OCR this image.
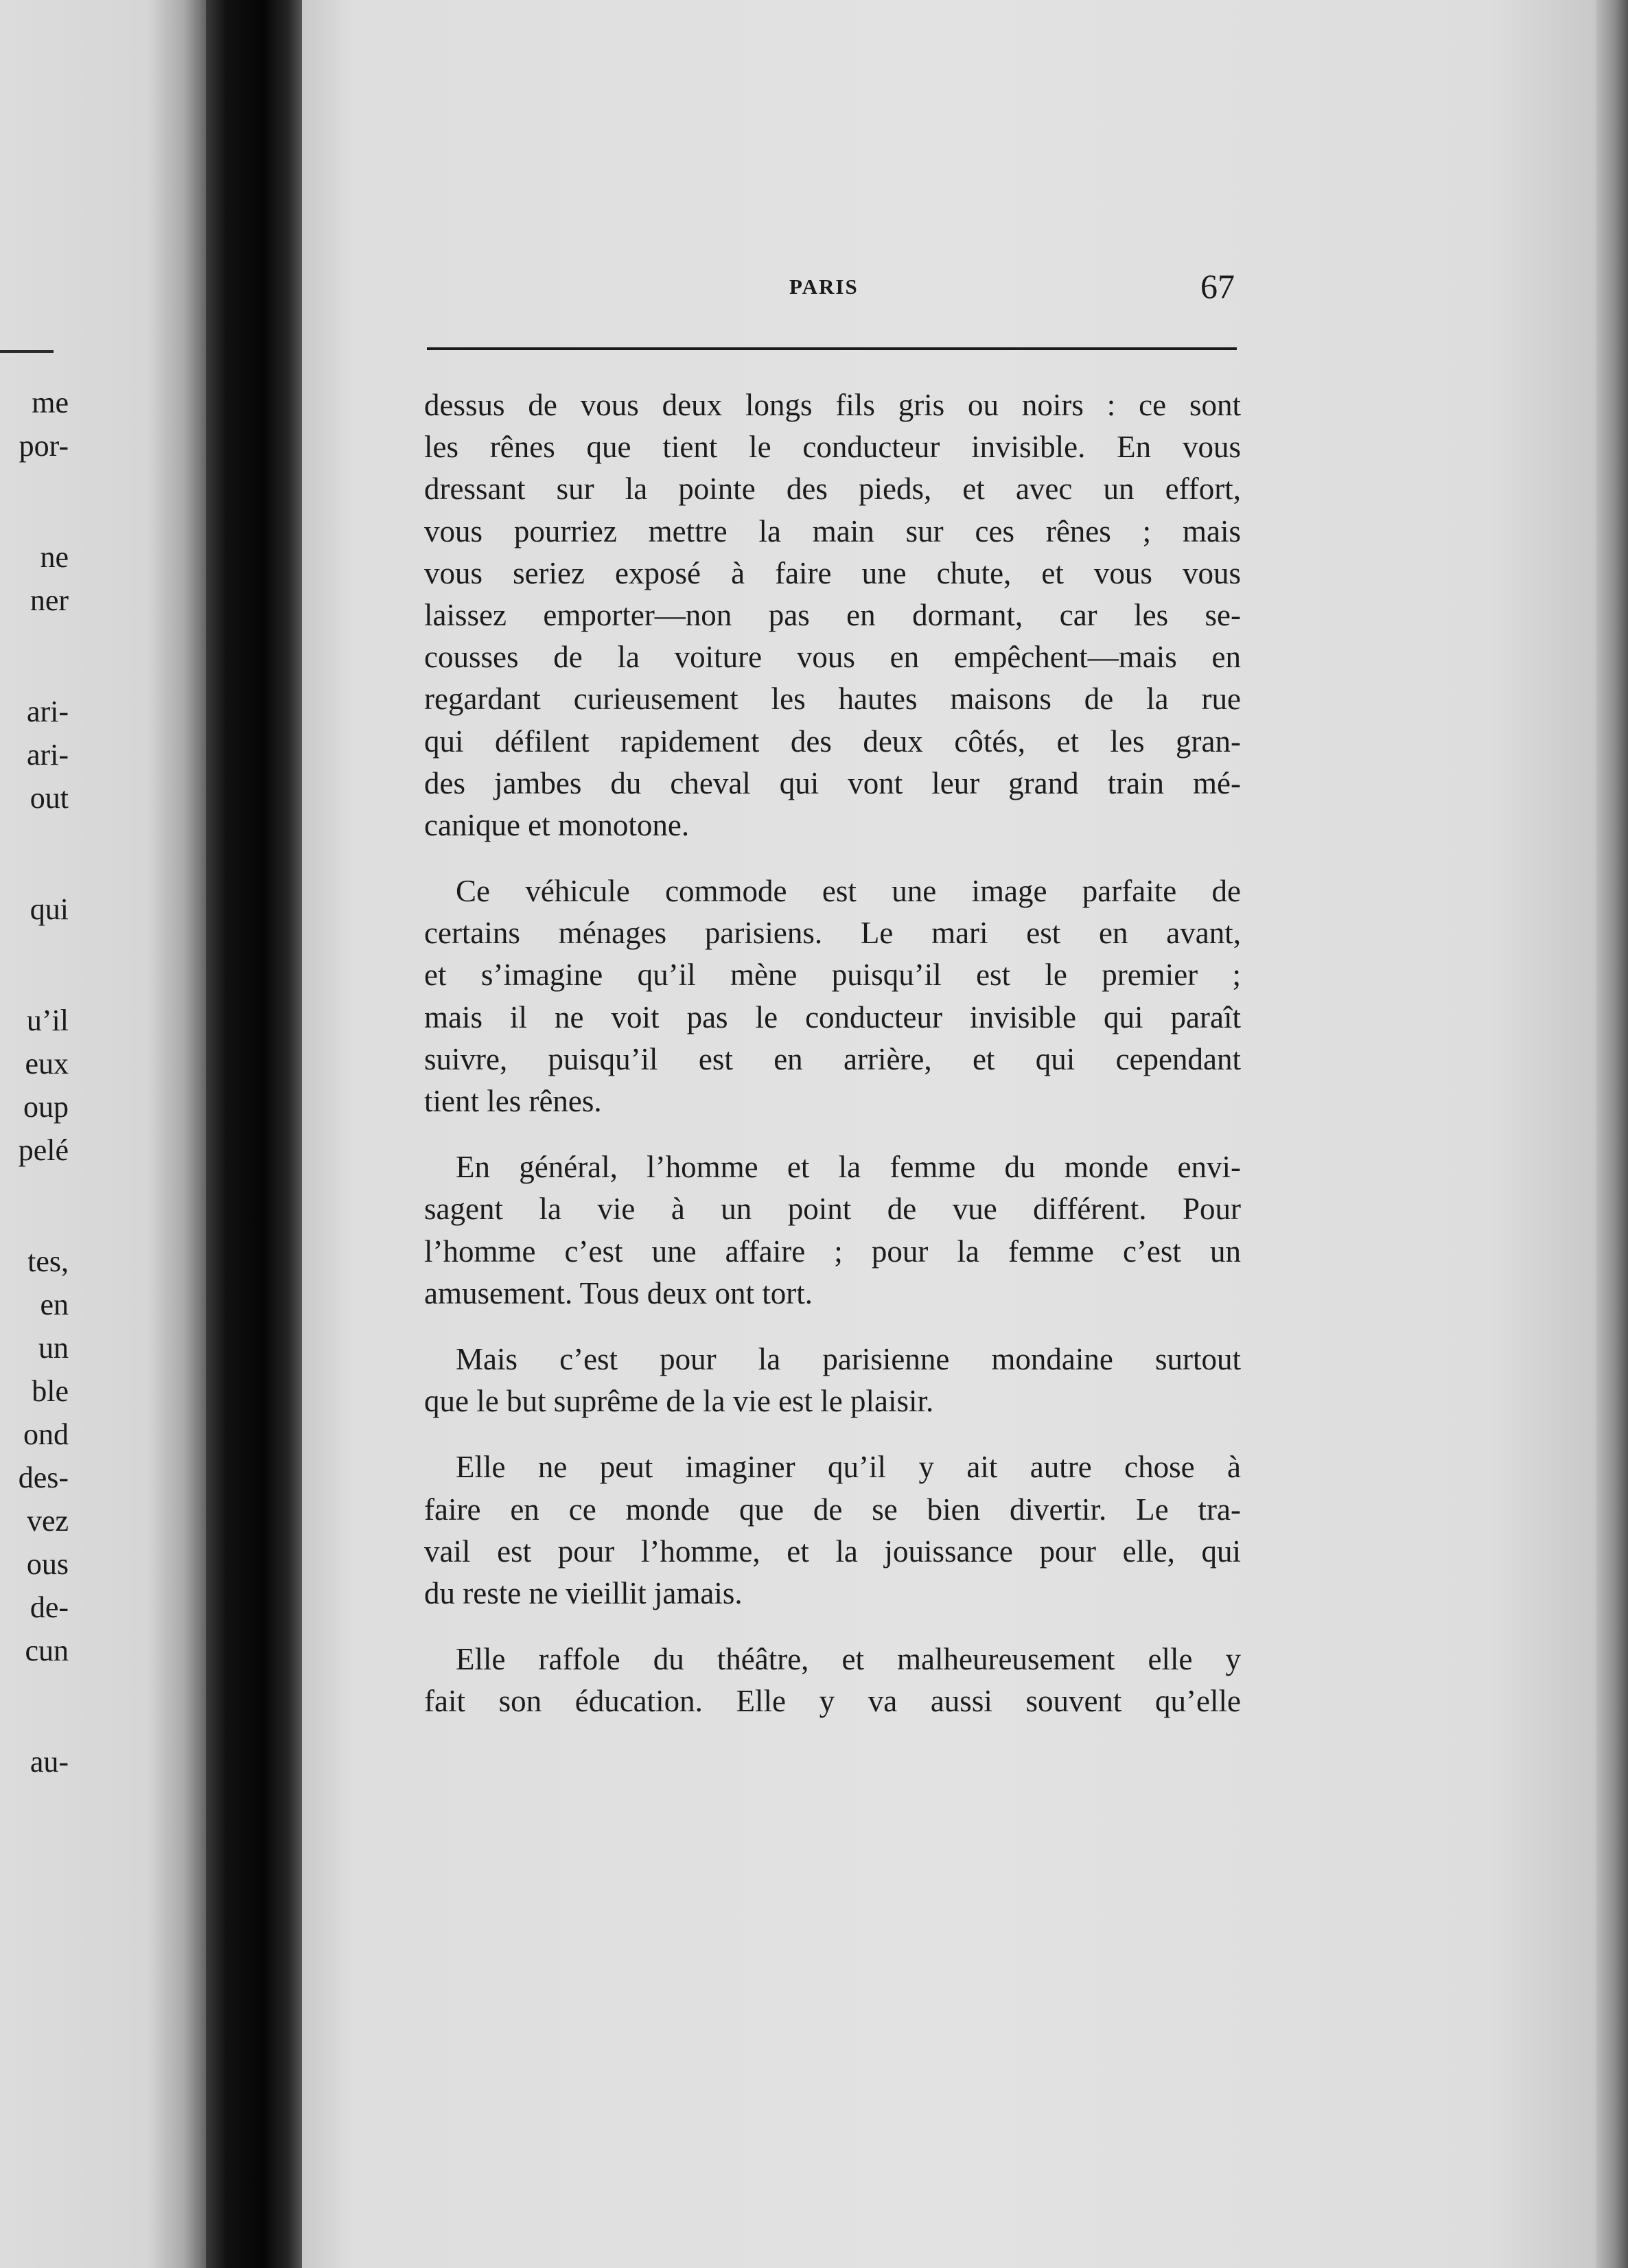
me
por-
ne
ner
ari-
ari-
out
qui
u’il
eux
oup
pelé
tes,
en
un
ble
ond
des-
vez
ous
de-
cun
au-
PARIS	67
dessus de vous deux longs fils gris ou noirs : ce sont
les rênes que tient le conducteur invisible. En vous
dressant sur la pointe des pieds, et avec un effort,
vous pourriez mettre la main sur ces rênes ; mais
vous seriez exposé à faire une chute, et vous vous
laissez emporter—non pas en dormant, car les se-
cousses de la voiture vous en empêchent—mais en
regardant curieusement les hautes maisons de la rue
qui défilent rapidement des deux côtés, et les gran-
des jambes du cheval qui vont leur grand train mé-
canique et monotone.
Ce véhicule commode est une image parfaite de
certains ménages parisiens. Le mari est en avant,
et s’imagine qu’il mène puisqu’il est le premier ;
mais il ne voit pas le conducteur invisible qui paraît
suivre, puisqu’il est en arrière, et qui cependant
tient les rênes.
En général, l’homme et la femme du monde envi-
sagent la vie à un point de vue différent. Pour
l’homme c’est une affaire ; pour la femme c’est un
amusement. Tous deux ont tort.
Mais c’est pour la parisienne mondaine surtout
que le but suprême de la vie est le plaisir.
Elle ne peut imaginer qu’il y ait autre chose à
faire en ce monde que de se bien divertir. Le tra-
vail est pour l’homme, et la jouissance pour elle, qui
du reste ne vieillit jamais.
Elle raffole du théâtre, et malheureusement elle y
fait son éducation. Elle y va aussi souvent qu’elle
